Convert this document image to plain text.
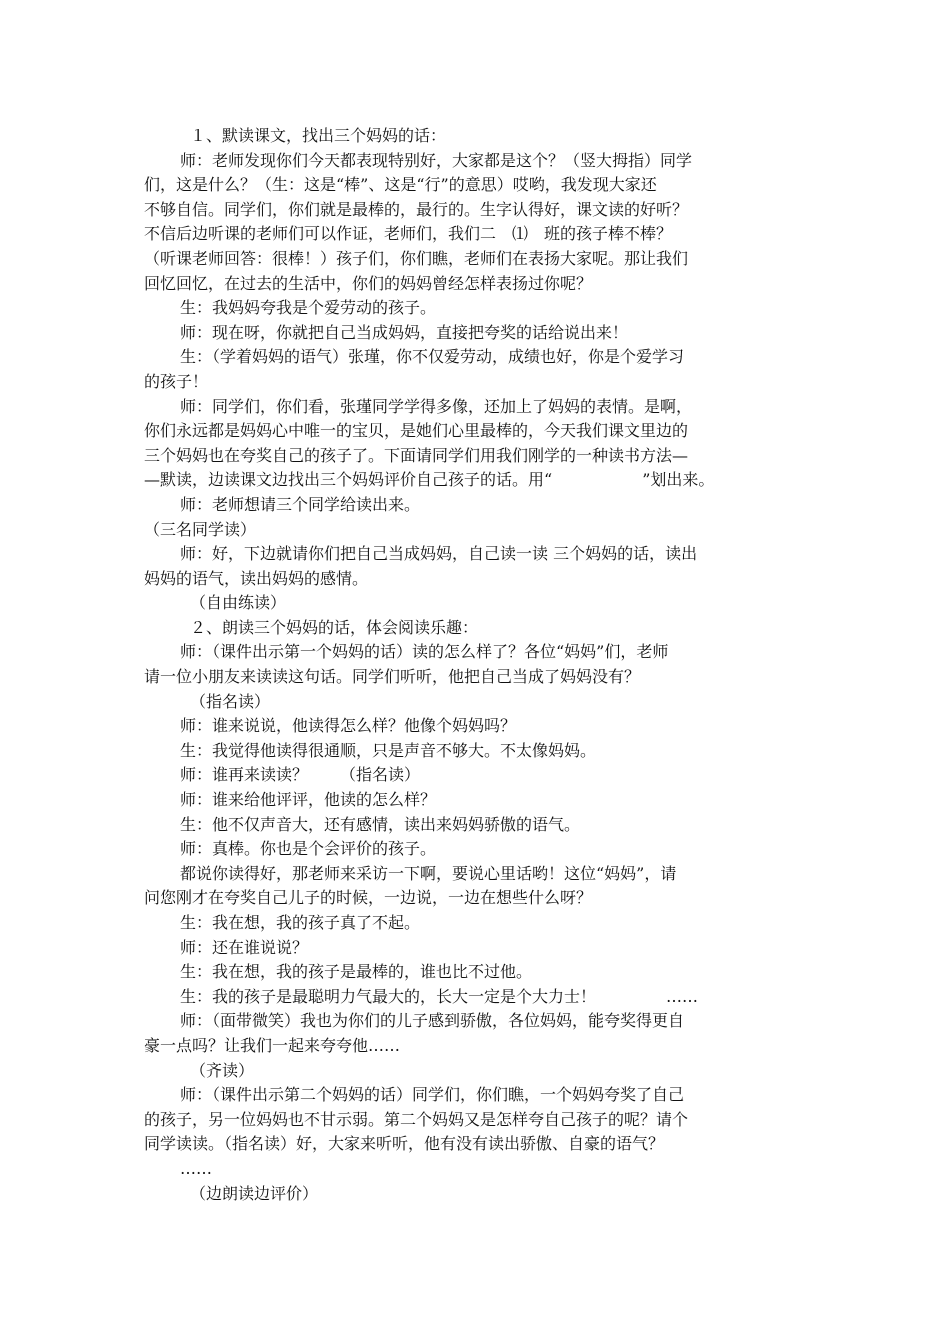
１、默读课文，找出三个妈妈的话：
师：老师发现你们今天都表现特别好，大家都是这个？（竖大拇指）同学
们，这是什么？（生：这是“棒”、这是“行”的意思）哎哟，我发现大家还
不够自信。同学们，你们就是最棒的，最行的。生字认得好，课文读的好听？
不信后边听课的老师们可以作证，老师们，我们二　⑴　班的孩子棒不棒？
（听课老师回答：很棒！）孩子们，你们瞧，老师们在表扬大家呢。那让我们
回忆回忆，在过去的生活中，你们的妈妈曾经怎样表扬过你呢？
生：我妈妈夸我是个爱劳动的孩子。
师：现在呀，你就把自己当成妈妈，直接把夸奖的话给说出来！
生：（学着妈妈的语气）张瑾，你不仅爱劳动，成绩也好，你是个爱学习
的孩子！
师：同学们，你们看，张瑾同学学得多像，还加上了妈妈的表情。是啊，
你们永远都是妈妈心中唯一的宝贝，是她们心里最棒的，今天我们课文里边的
三个妈妈也在夸奖自己的孩子了。下面请同学们用我们刚学的一种读书方法—
—默读，边读课文边找出三个妈妈评价自己孩子的话。用“	”划出来。
师：老师想请三个同学给读出来。
（三名同学读）
师：好，下边就请你们把自己当成妈妈，自己读一读 三个妈妈的话，读出
妈妈的语气，读出妈妈的感情。
（自由练读）
２、朗读三个妈妈的话，体会阅读乐趣：
师：（课件出示第一个妈妈的话）读的怎么样了？各位“妈妈”们，老师
请一位小朋友来读读这句话。同学们听听，他把自己当成了妈妈没有？
（指名读）
师：谁来说说，他读得怎么样？他像个妈妈吗？
生：我觉得他读得很通顺，只是声音不够大。不太像妈妈。
师：谁再来读读？ （指名读）
师：谁来给他评评，他读的怎么样？
生：他不仅声音大，还有感情，读出来妈妈骄傲的语气。
师：真棒。你也是个会评价的孩子。
都说你读得好，那老师来采访一下啊，要说心里话哟！这位“妈妈”，请
问您刚才在夸奖自己儿子的时候，一边说，一边在想些什么呀？
生：我在想，我的孩子真了不起。
师：还在谁说说？
生：我在想，我的孩子是最棒的，谁也比不过他。
生：我的孩子是最聪明力气最大的，长大一定是个大力士！	……
师：（面带微笑）我也为你们的儿子感到骄傲，各位妈妈，能夸奖得更自
豪一点吗？让我们一起来夸夸他……
（齐读）
师：（课件出示第二个妈妈的话）同学们，你们瞧，一个妈妈夸奖了自己
的孩子，另一位妈妈也不甘示弱。第二个妈妈又是怎样夸自己孩子的呢？请个
同学读读。（指名读）好，大家来听听，他有没有读出骄傲、自豪的语气？
……
（边朗读边评价）
